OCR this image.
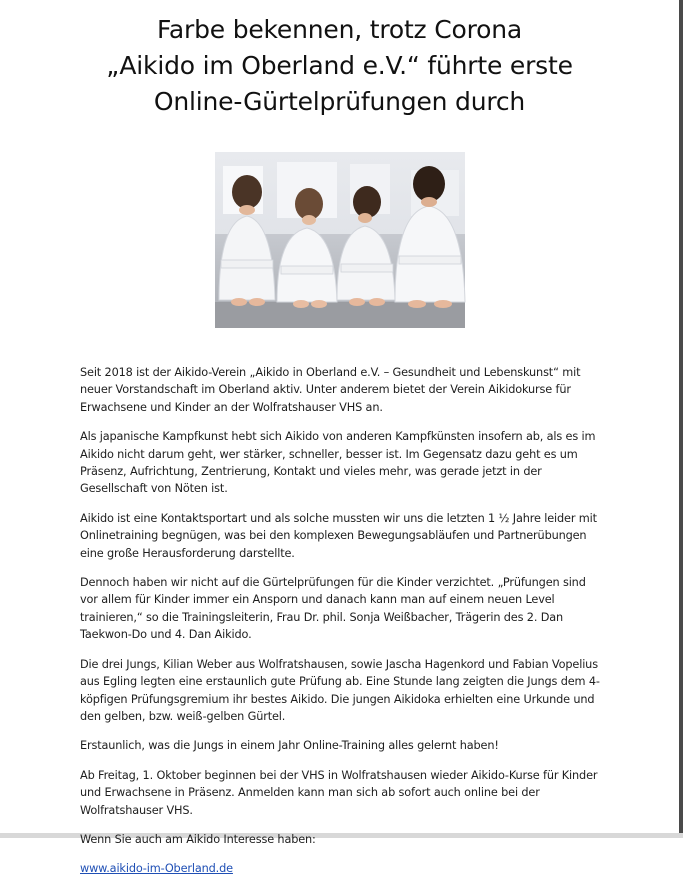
Farbe bekennen, trotz Corona
„Aikido im Oberland e.V.“ führte erste
Online-Gürtelprüfungen durch

Seit 2018 ist der Aikido-Verein „Aikido in Oberland e.V. – Gesundheit und Lebenskunst“ mit neuer Vorstandschaft im Oberland aktiv. Unter anderem bietet der Verein Aikidokurse für Erwachsene und Kinder an der Wolfratshauser VHS an.

Als japanische Kampfkunst hebt sich Aikido von anderen Kampfkünsten insofern ab, als es im Aikido nicht darum geht, wer stärker, schneller, besser ist. Im Gegensatz dazu geht es um Präsenz, Aufrichtung, Zentrierung, Kontakt und vieles mehr, was gerade jetzt in der Gesellschaft von Nöten ist.

Aikido ist eine Kontaktsportart und als solche mussten wir uns die letzten 1 ½ Jahre leider mit Onlinetraining begnügen, was bei den komplexen Bewegungsabläufen und Partnerübungen eine große Herausforderung darstellte.

Dennoch haben wir nicht auf die Gürtelprüfungen für die Kinder verzichtet. „Prüfungen sind vor allem für Kinder immer ein Ansporn und danach kann man auf einem neuen Level trainieren,“ so die Trainingsleiterin, Frau Dr. phil. Sonja Weißbacher, Trägerin des 2. Dan Taekwon-Do und 4. Dan Aikido.

Die drei Jungs, Kilian Weber aus Wolfratshausen, sowie Jascha Hagenkord und Fabian Vopelius aus Egling legten eine erstaunlich gute Prüfung ab. Eine Stunde lang zeigten die Jungs dem 4-köpfigen Prüfungsgremium ihr bestes Aikido. Die jungen Aikidoka erhielten eine Urkunde und den gelben, bzw. weiß-gelben Gürtel.

Erstaunlich, was die Jungs in einem Jahr Online-Training alles gelernt haben!

Ab Freitag, 1. Oktober beginnen bei der VHS in Wolfratshausen wieder Aikido-Kurse für Kinder und Erwachsene in Präsenz. Anmelden kann man sich ab sofort auch online bei der Wolfratshauser VHS.

Wenn Sie auch am Aikido Interesse haben:

www.aikido-im-Oberland.de
